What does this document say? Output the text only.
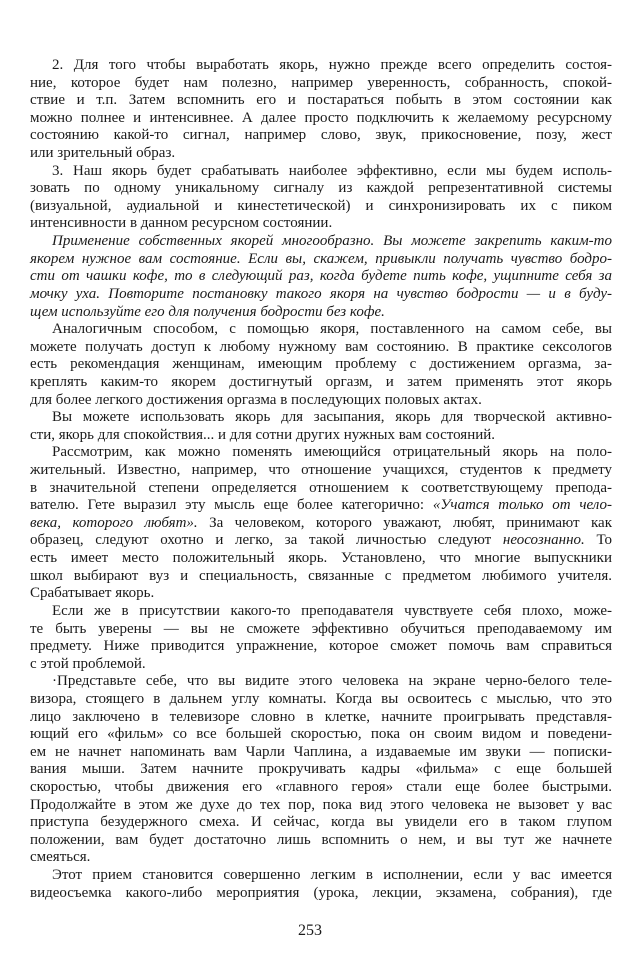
2. Для того чтобы выработать якорь, нужно прежде всего определить состоя-
ние, которое будет нам полезно, например уверенность, собранность, спокой-
ствие и т.п. Затем вспомнить его и постараться побыть в этом состоянии как
можно полнее и интенсивнее. А далее просто подключить к желаемому ресурсному
состоянию какой-то сигнал, например слово, звук, прикосновение, позу, жест
или зрительный образ.
3. Наш якорь будет срабатывать наиболее эффективно, если мы будем исполь-
зовать по одному уникальному сигналу из каждой репрезентативной системы
(визуальной, аудиальной и кинестетической) и синхронизировать их с пиком
интенсивности в данном ресурсном состоянии.
Применение собственных якорей многообразно. Вы можете закрепить каким-то
якорем нужное вам состояние. Если вы, скажем, привыкли получать чувство бодро-
сти от чашки кофе, то в следующий раз, когда будете пить кофе, ущипните себя за
мочку уха. Повторите постановку такого якоря на чувство бодрости — и в буду-
щем используйте его для получения бодрости без кофе.
Аналогичным способом, с помощью якоря, поставленного на самом себе, вы
можете получать доступ к любому нужному вам состоянию. В практике сексологов
есть рекомендация женщинам, имеющим проблему с достижением оргазма, за-
креплять каким-то якорем достигнутый оргазм, и затем применять этот якорь
для более легкого достижения оргазма в последующих половых актах.
Вы можете использовать якорь для засыпания, якорь для творческой активно-
сти, якорь для спокойствия... и для сотни других нужных вам состояний.
Рассмотрим, как можно поменять имеющийся отрицательный якорь на поло-
жительный. Известно, например, что отношение учащихся, студентов к предмету
в значительной степени определяется отношением к соответствующему препода-
вателю. Гете выразил эту мысль еще более категорично: «Учатся только от чело-
века, которого любят». За человеком, которого уважают, любят, принимают как
образец, следуют охотно и легко, за такой личностью следуют неосознанно. То
есть имеет место положительный якорь. Установлено, что многие выпускники
школ выбирают вуз и специальность, связанные с предметом любимого учителя.
Срабатывает якорь.
Если же в присутствии какого-то преподавателя чувствуете себя плохо, може-
те быть уверены — вы не сможете эффективно обучиться преподаваемому им
предмету. Ниже приводится упражнение, которое сможет помочь вам справиться
с этой проблемой.
·Представьте себе, что вы видите этого человека на экране черно-белого теле-
визора, стоящего в дальнем углу комнаты. Когда вы освоитесь с мыслью, что это
лицо заключено в телевизоре словно в клетке, начните проигрывать представля-
ющий его «фильм» со все большей скоростью, пока он своим видом и поведени-
ем не начнет напоминать вам Чарли Чаплина, а издаваемые им звуки — пописки-
вания мыши. Затем начните прокручивать кадры «фильма» с еще большей
скоростью, чтобы движения его «главного героя» стали еще более быстрыми.
Продолжайте в этом же духе до тех пор, пока вид этого человека не вызовет у вас
приступа безудержного смеха. И сейчас, когда вы увидели его в таком глупом
положении, вам будет достаточно лишь вспомнить о нем, и вы тут же начнете
смеяться.
Этот прием становится совершенно легким в исполнении, если у вас имеется
видеосъемка какого-либо мероприятия (урока, лекции, экзамена, собрания), где
253
